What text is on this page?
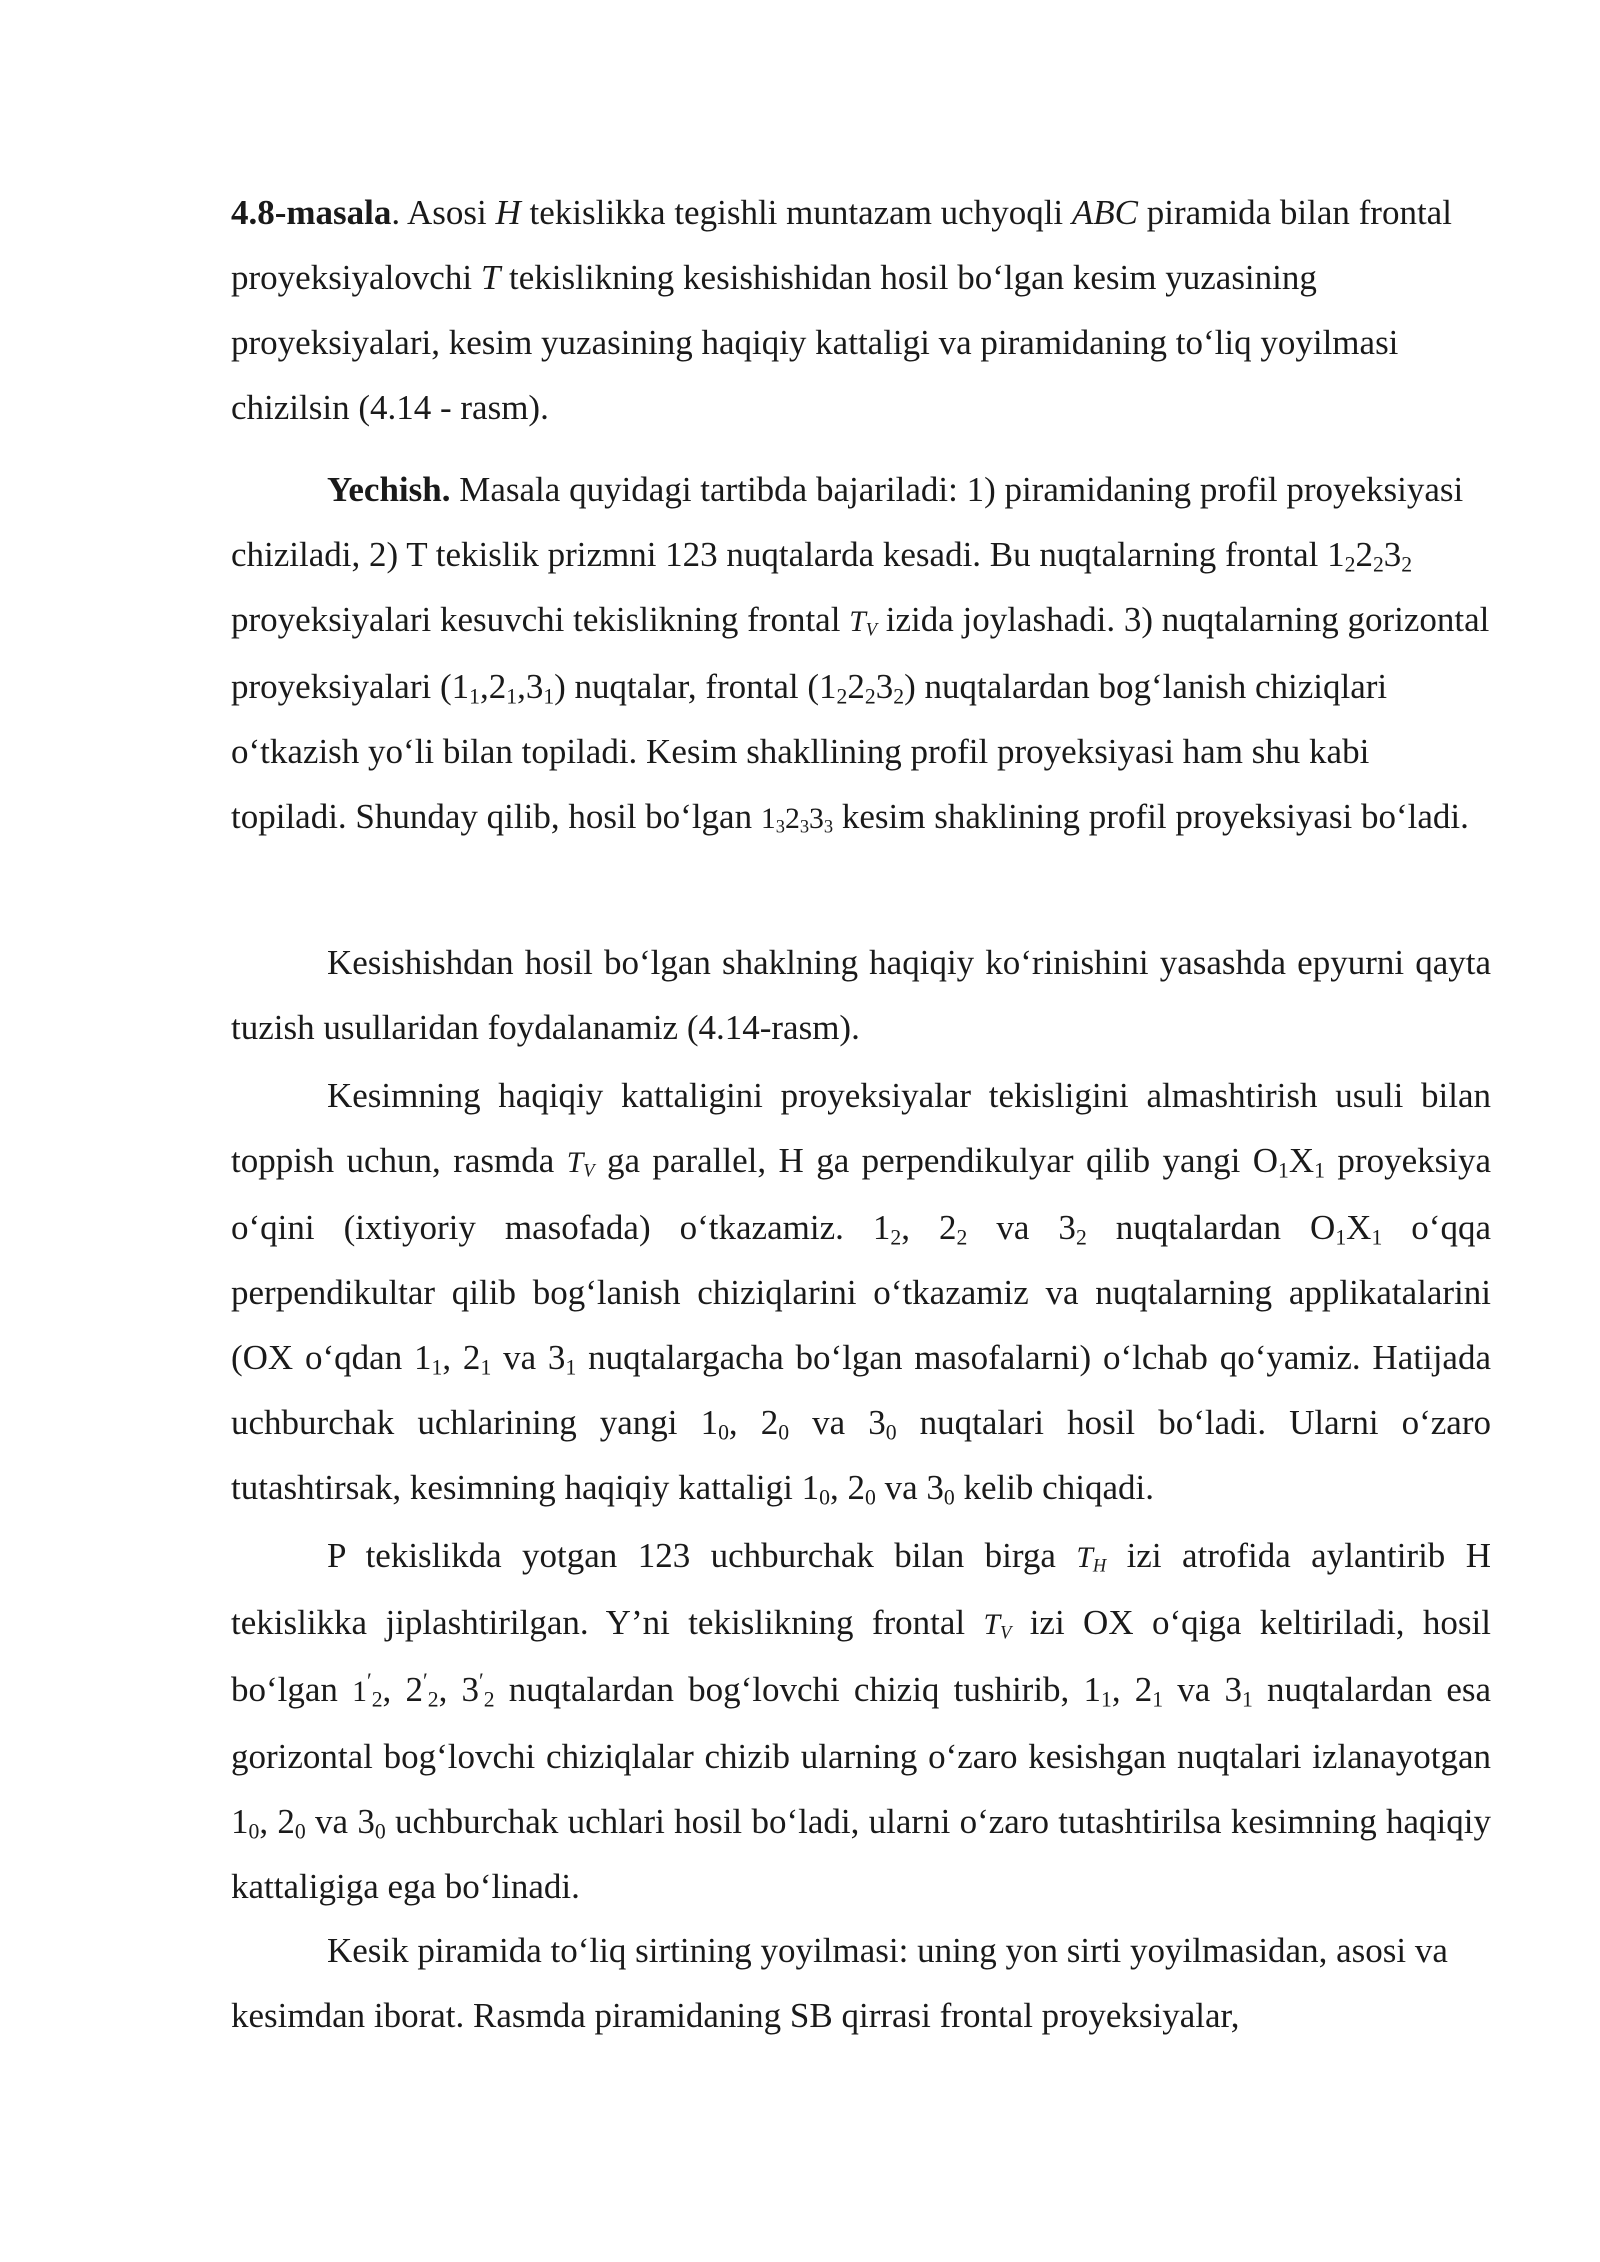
4.8-masala. Asosi H tekislikka tegishli muntazam uchyoqli ABC piramida bilan frontal proyeksiyalovchi T tekislikning kesishishidan hosil bo‘lgan kesim yuzasining proyeksiyalari, kesim yuzasining haqiqiy kattaligi va piramidaning to‘liq yoyilmasi chizilsin (4.14 - rasm).

Yechish. Masala quyidagi tartibda bajariladi: 1) piramidaning profil proyeksiyasi chiziladi, 2) T tekislik prizmni 123 nuqtalarda kesadi. Bu nuqtalarning frontal $1_22_23_2$ proyeksiyalari kesuvchi tekislikning frontal $T_V$ izida joylashadi. 3) nuqtalarning gorizontal proyeksiyalari $(1_1,2_1,3_1)$ nuqtalar, frontal $(1_22_23_2)$ nuqtalardan bog‘lanish chiziqlari o‘tkazish yo‘li bilan topiladi. Kesim shakllining profil proyeksiyasi ham shu kabi topiladi. Shunday qilib, hosil bo‘lgan $1_32_33_3$ kesim shaklining profil proyeksiyasi bo‘ladi.

Kesishishdan hosil bo‘lgan shaklning haqiqiy ko‘rinishini yasashda epyurni qayta tuzish usullaridan foydalanamiz (4.14-rasm).

Kesimning haqiqiy kattaligini proyeksiyalar tekisligini almashtirish usuli bilan toppish uchun, rasmda $T_V$ ga parallel, H ga perpendikulyar qilib yangi $O_1X_1$ proyeksiya o‘qini (ixtiyoriy masofada) o‘tkazamiz. $1_2$, $2_2$ va $3_2$ nuqtalardan $O_1X_1$ o‘qqa perpendikultar qilib bog‘lanish chiziqlarini o‘tkazamiz va nuqtalarning applikatalarini (OX o‘qdan $1_1$, $2_1$ va $3_1$ nuqtalargacha bo‘lgan masofalarni) o‘lchab qo‘yamiz. Hatijada uchburchak uchlarining yangi $1_0$, $2_0$ va $3_0$ nuqtalari hosil bo‘ladi. Ularni o‘zaro tutashtirsak, kesimning haqiqiy kattaligi $1_0$, $2_0$ va $3_0$ kelib chiqadi.

P tekislikda yotgan 123 uchburchak bilan birga $T_H$ izi atrofida aylantirib H tekislikka jiplashtirilgan. Y’ni tekislikning frontal $T_V$ izi OX o‘qiga keltiriladi, hosil bo‘lgan $1'_2$, $2'_2$, $3'_2$ nuqtalardan bog‘lovchi chiziq tushirib, $1_1$, $2_1$ va $3_1$ nuqtalardan esa gorizontal bog‘lovchi chiziqlalar chizib ularning o‘zaro kesishgan nuqtalari izlanayotgan $1_0$, $2_0$ va $3_0$ uchburchak uchlari hosil bo‘ladi, ularni o‘zaro tutashtirilsa kesimning haqiqiy kattaligiga ega bo‘linadi.

Kesik piramida to‘liq sirtining yoyilmasi: uning yon sirti yoyilmasidan, asosi va kesimdan iborat. Rasmda piramidaning SB qirrasi frontal proyeksiyalar,
